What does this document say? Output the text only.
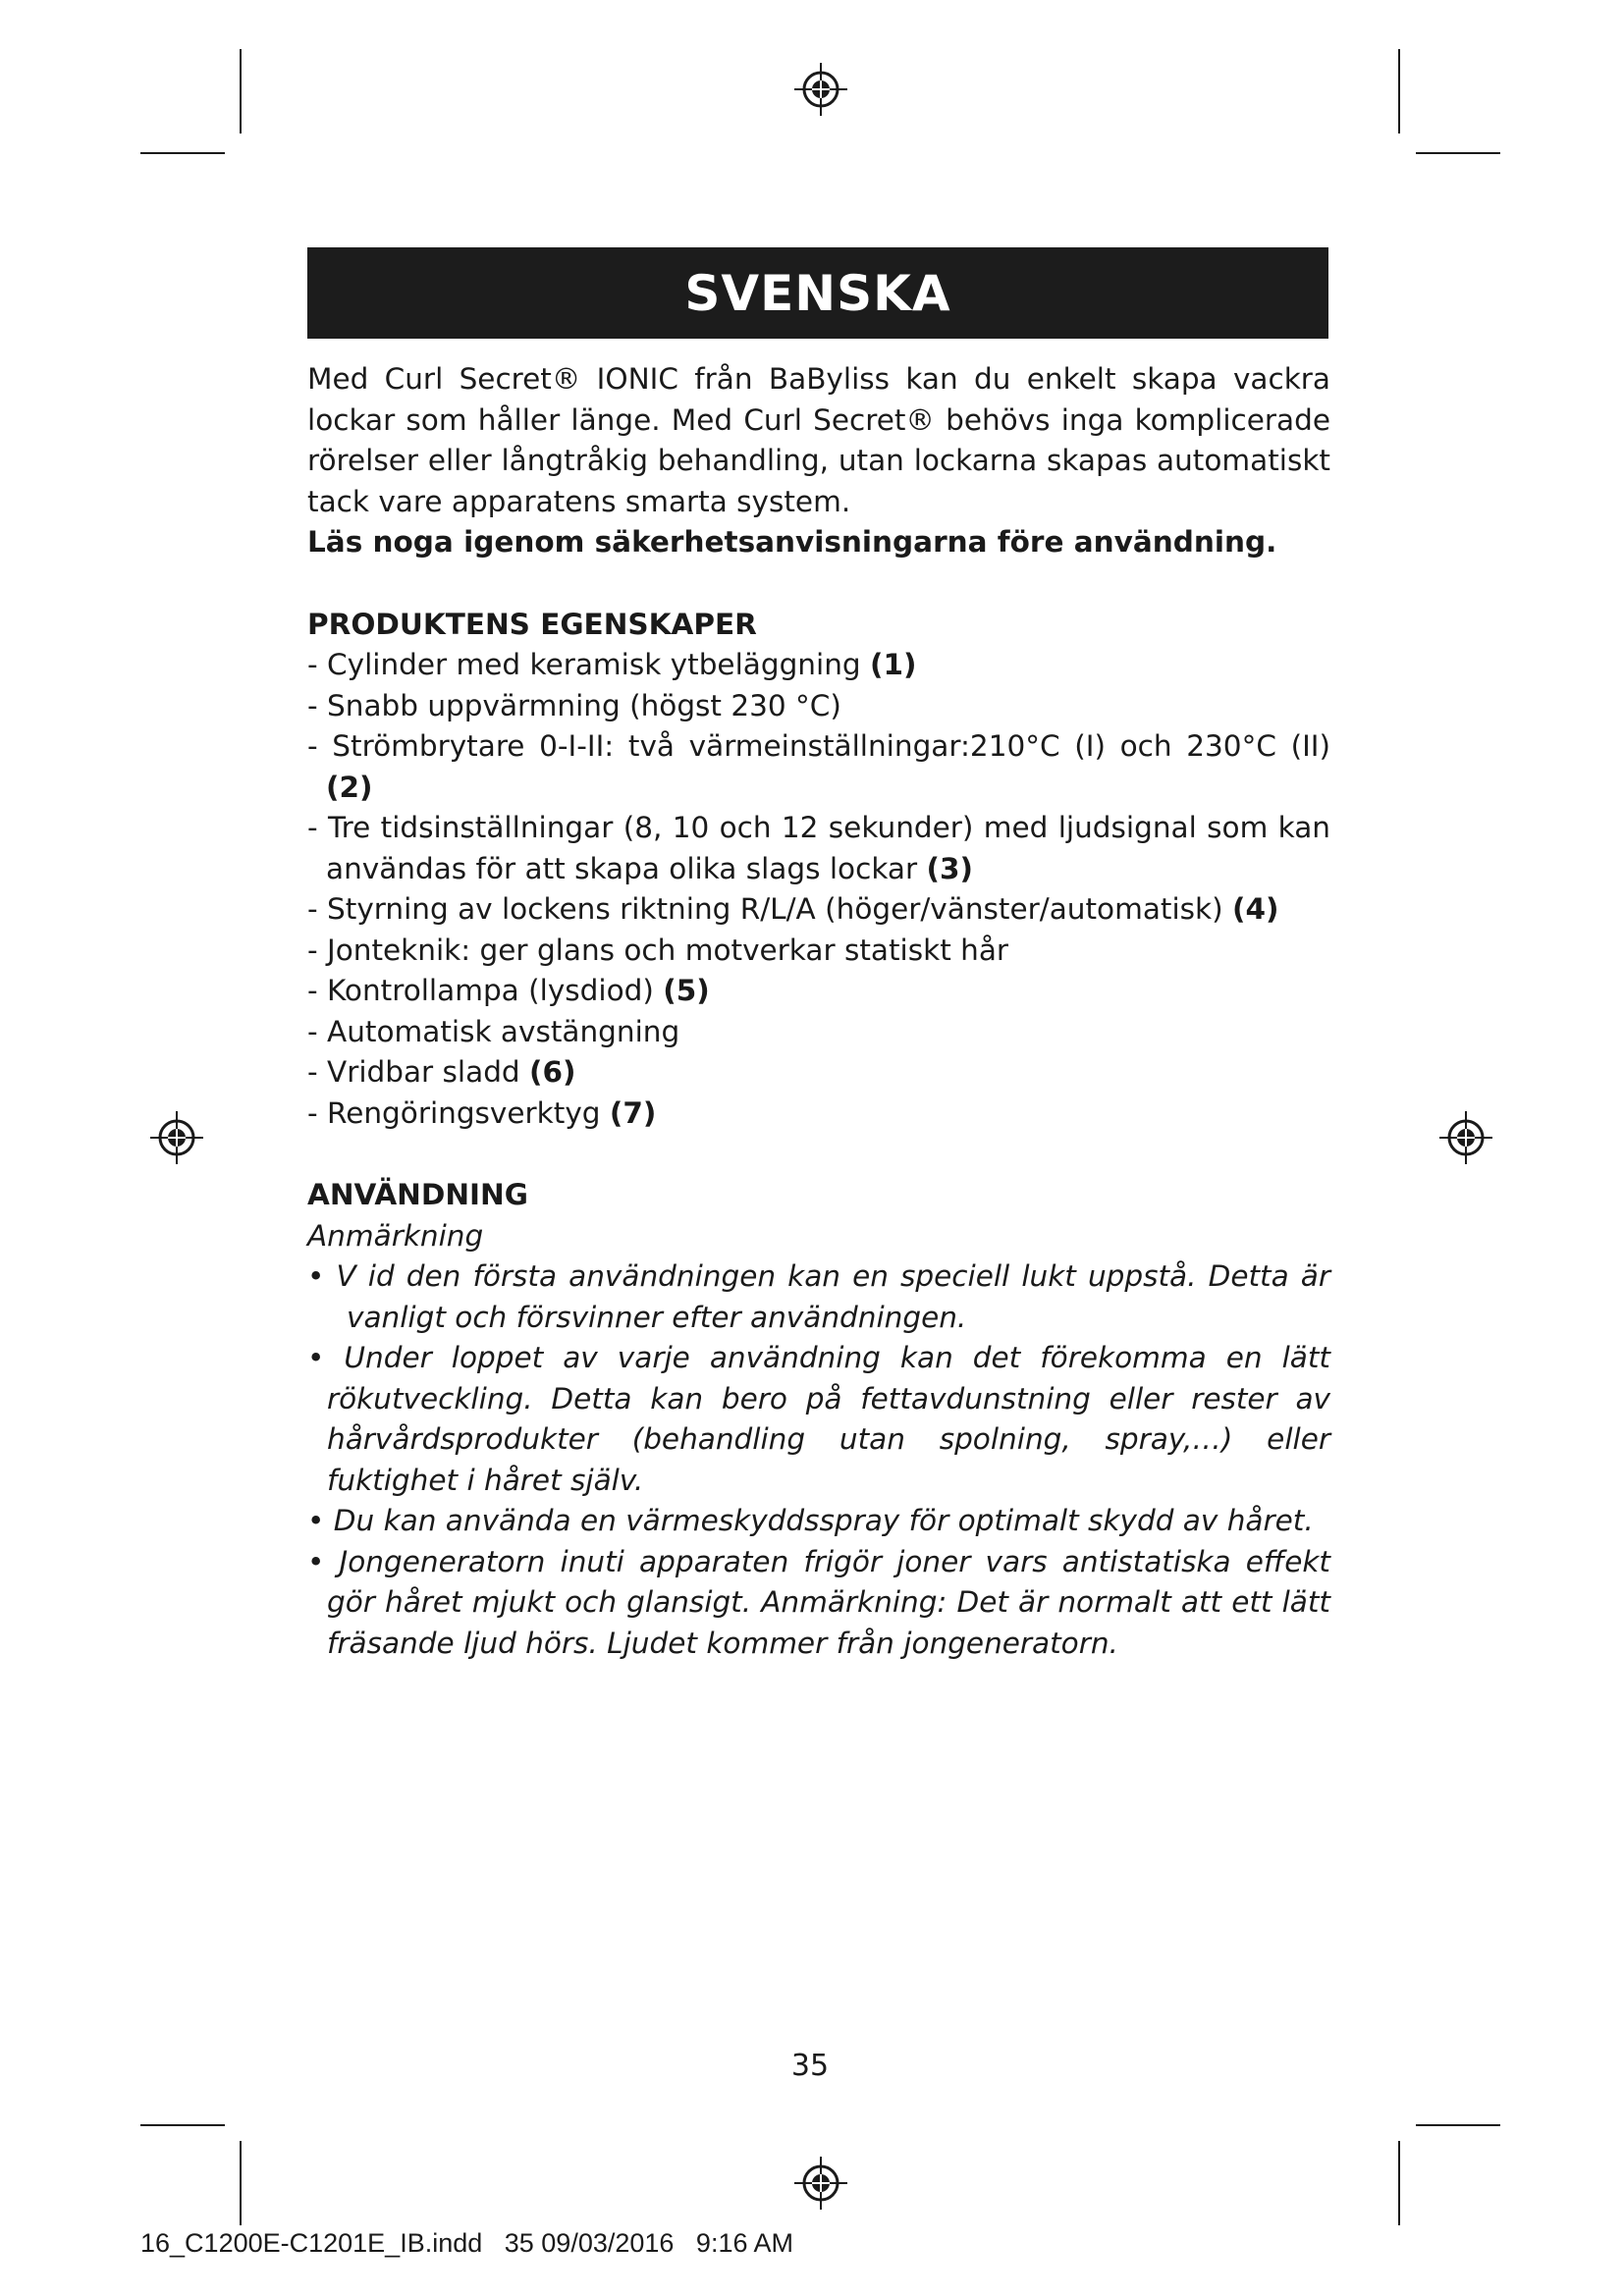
SVENSKA

Med Curl Secret® IONIC från BaByliss kan du enkelt skapa vackra lockar som håller länge. Med Curl Secret® behövs inga komplicerade rörelser eller långtråkig behandling, utan lockarna skapas automatiskt tack vare apparatens smarta system.

Läs noga igenom säkerhetsanvisningarna före användning.

PRODUKTENS EGENSKAPER

- Cylinder med keramisk ytbeläggning (1)

- Snabb uppvärmning (högst 230 °C)

- Strömbrytare 0-I-II: två värmeinställningar:210°C (I) och 230°C (II)(2)

- Tre tidsinställningar (8, 10 och 12 sekunder) med ljudsignal som kan användas för att skapa olika slags lockar (3)

- Styrning av lockens riktning R/L/A (höger/vänster/automatisk) (4)

- Jonteknik: ger glans och motverkar statiskt hår

- Kontrollampa (lysdiod) (5)

- Automatisk avstängning

- Vridbar sladd (6)

- Rengöringsverktyg (7)

ANVÄNDNING

Anmärkning

• V id den första användningen kan en speciell lukt uppstå. Detta är vanligt och försvinner efter användningen.

• Under loppet av varje användning kan det förekomma en lätt rökutveckling. Detta kan bero på fettavdunstning eller rester av hårvårdsprodukter (behandling utan spolning, spray,…) eller fuktighet i håret själv.

• Du kan använda en värmeskyddsspray för optimalt skydd av håret.

• Jongeneratorn inuti apparaten frigör joner vars antistatiska effekt gör håret mjukt och glansigt. Anmärkning: Det är normalt att ett lätt fräsande ljud hörs. Ljudet kommer från jongeneratorn.

35
16_C1200E-C1201E_IB.indd   35 09/03/2016   9:16 AM
